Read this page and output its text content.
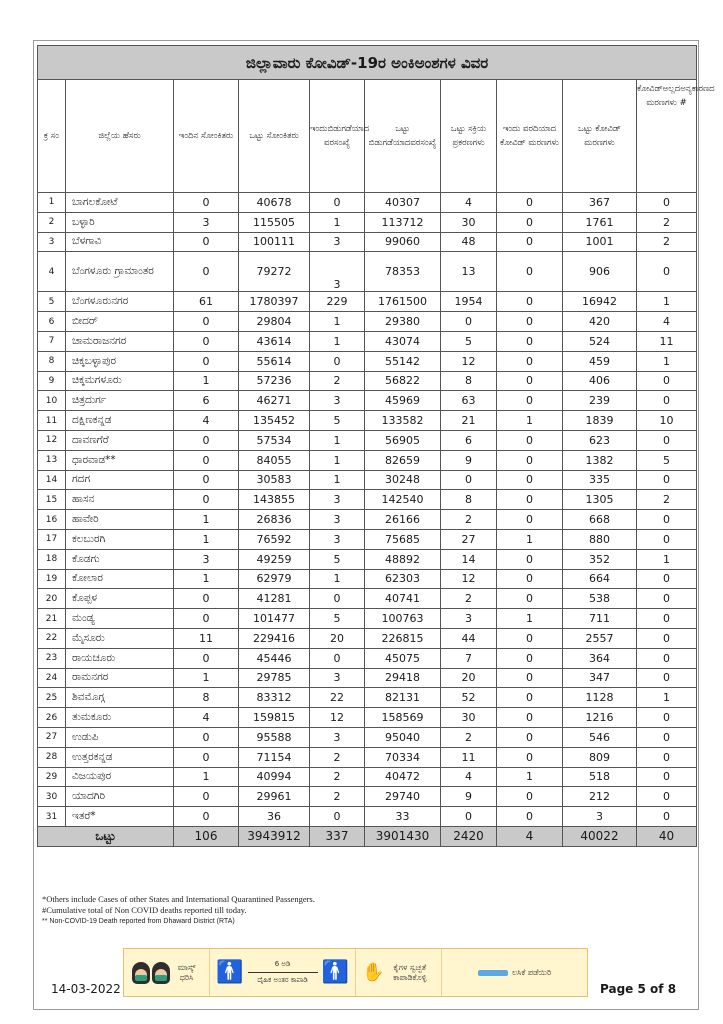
ಜಿಲ್ಲಾವಾರು ಕೋವಿಡ್-19ರ ಅಂಕಿಅಂಶಗಳ ವಿವರ									
ಕ್ರ ಸಂ	ಜಿಲ್ಲೆಯ ಹೆಸರು	ಇಂದಿನ ಸೋಂಕಿತರು	ಒಟ್ಟು ಸೋಂಕಿತರು	ಇಂದುಬಿಡುಗಡೆಯಾದ ವರಸಂಖ್ಯೆ	ಒಟ್ಟು ಬಿಡುಗಡೆಯಾದವರಸಂಖ್ಯೆ	ಒಟ್ಟು ಸಕ್ರಿಯ ಪ್ರಕರಣಗಳು	ಇಂದು ವರದಿಯಾದ ಕೋವಿಡ್ ಮರಣಗಳು	ಒಟ್ಟು ಕೋವಿಡ್ ಮರಣಗಳು	ಕೋವಿಡ್ಅಲ್ಲದಅನ್ಯಕಾರಣದ ಮರಣಗಳು #
1	ಬಾಗಲಕೋಟೆ	0	40678	0	40307	4	0	367	0
2	ಬಳ್ಳಾರಿ	3	115505	1	113712	30	0	1761	2
3	ಬೆಳಗಾವಿ	0	100111	3	99060	48	0	1001	2
4	ಬೆಂಗಳೂರು ಗ್ರಾಮಾಂತರ	0	79272	3	78353	13	0	906	0
5	ಬೆಂಗಳೂರುನಗರ	61	1780397	229	1761500	1954	0	16942	1
6	ಬೀದರ್	0	29804	1	29380	0	0	420	4
7	ಚಾಮರಾಜನಗರ	0	43614	1	43074	5	0	524	11
8	ಚಿಕ್ಕಬಳ್ಳಾಪುರ	0	55614	0	55142	12	0	459	1
9	ಚಿಕ್ಕಮಗಳೂರು	1	57236	2	56822	8	0	406	0
10	ಚಿತ್ರದುರ್ಗ	6	46271	3	45969	63	0	239	0
11	ದಕ್ಷಿಣಕನ್ನಡ	4	135452	5	133582	21	1	1839	10
12	ದಾವಣಗೆರೆ	0	57534	1	56905	6	0	623	0
13	ಧಾರವಾಡ**	0	84055	1	82659	9	0	1382	5
14	ಗದಗ	0	30583	1	30248	0	0	335	0
15	ಹಾಸನ	0	143855	3	142540	8	0	1305	2
16	ಹಾವೇರಿ	1	26836	3	26166	2	0	668	0
17	ಕಲಬುರಗಿ	1	76592	3	75685	27	1	880	0
18	ಕೊಡಗು	3	49259	5	48892	14	0	352	1
19	ಕೋಲಾರ	1	62979	1	62303	12	0	664	0
20	ಕೊಪ್ಪಳ	0	41281	0	40741	2	0	538	0
21	ಮಂಡ್ಯ	0	101477	5	100763	3	1	711	0
22	ಮೈಸೂರು	11	229416	20	226815	44	0	2557	0
23	ರಾಯಚೂರು	0	45446	0	45075	7	0	364	0
24	ರಾಮನಗರ	1	29785	3	29418	20	0	347	0
25	ಶಿವಮೊಗ್ಗ	8	83312	22	82131	52	0	1128	1
26	ತುಮಕೂರು	4	159815	12	158569	30	0	1216	0
27	ಉಡುಪಿ	0	95588	3	95040	2	0	546	0
28	ಉತ್ತರಕನ್ನಡ	0	71154	2	70334	11	0	809	0
29	ವಿಜಯಪುರ	1	40994	2	40472	4	1	518	0
30	ಯಾದಗಿರಿ	0	29961	2	29740	9	0	212	0
31	ಇತರೆ*	0	36	0	33	0	0	3	0
ಒಟ್ಟು		106	3943912	337	3901430	2420	4	40022	40
*Others include Cases of other States and International Quarantined Passengers.
#Cumulative total of Non COVID deaths reported till today.
** Non-COVID-19 Death reported from Dhaward District (RTA)
ಮಾಸ್ಕ್ ಧರಿಸಿ	🚹	6 ಅಡಿ
ದೈಹಿಕ ಅಂತರ ಕಾಪಾಡಿ 🚹 ✋	ಕೈಗಳ ಸ್ವಚ್ಛತೆ ಕಾಪಾಡಿಕೊಳ್ಳಿ
ಲಸಿಕೆ ಪಡೆಯಿರಿ
14-03-2022	Page 5 of 8
